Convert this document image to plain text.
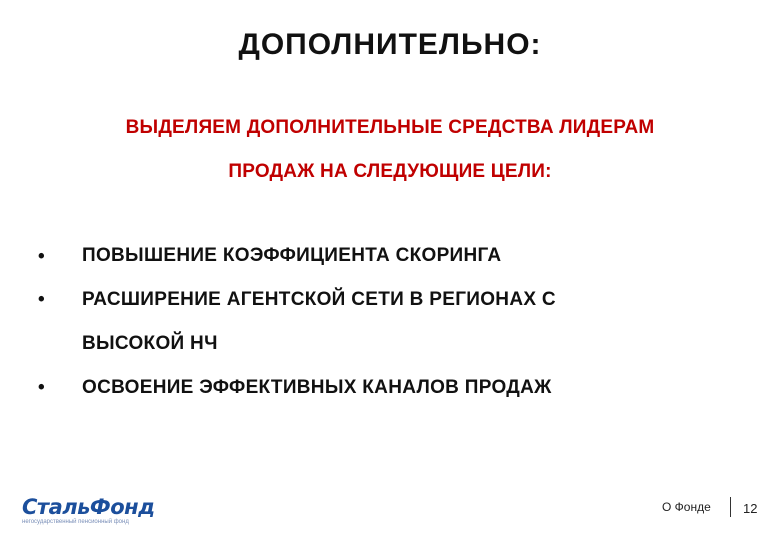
ДОПОЛНИТЕЛЬНО:
ВЫДЕЛЯЕМ ДОПОЛНИТЕЛЬНЫЕ СРЕДСТВА ЛИДЕРАМ
ПРОДАЖ НА СЛЕДУЮЩИЕ ЦЕЛИ:
• ПОВЫШЕНИЕ КОЭФФИЦИЕНТА СКОРИНГА
• РАСШИРЕНИЕ АГЕНТСКОЙ СЕТИ В РЕГИОНАХ С
ВЫСОКОЙ НЧ
• ОСВОЕНИЕ ЭФФЕКТИВНЫХ КАНАЛОВ ПРОДАЖ
СтальФонд
негосударственный пенсионный фонд
О Фонде 12
